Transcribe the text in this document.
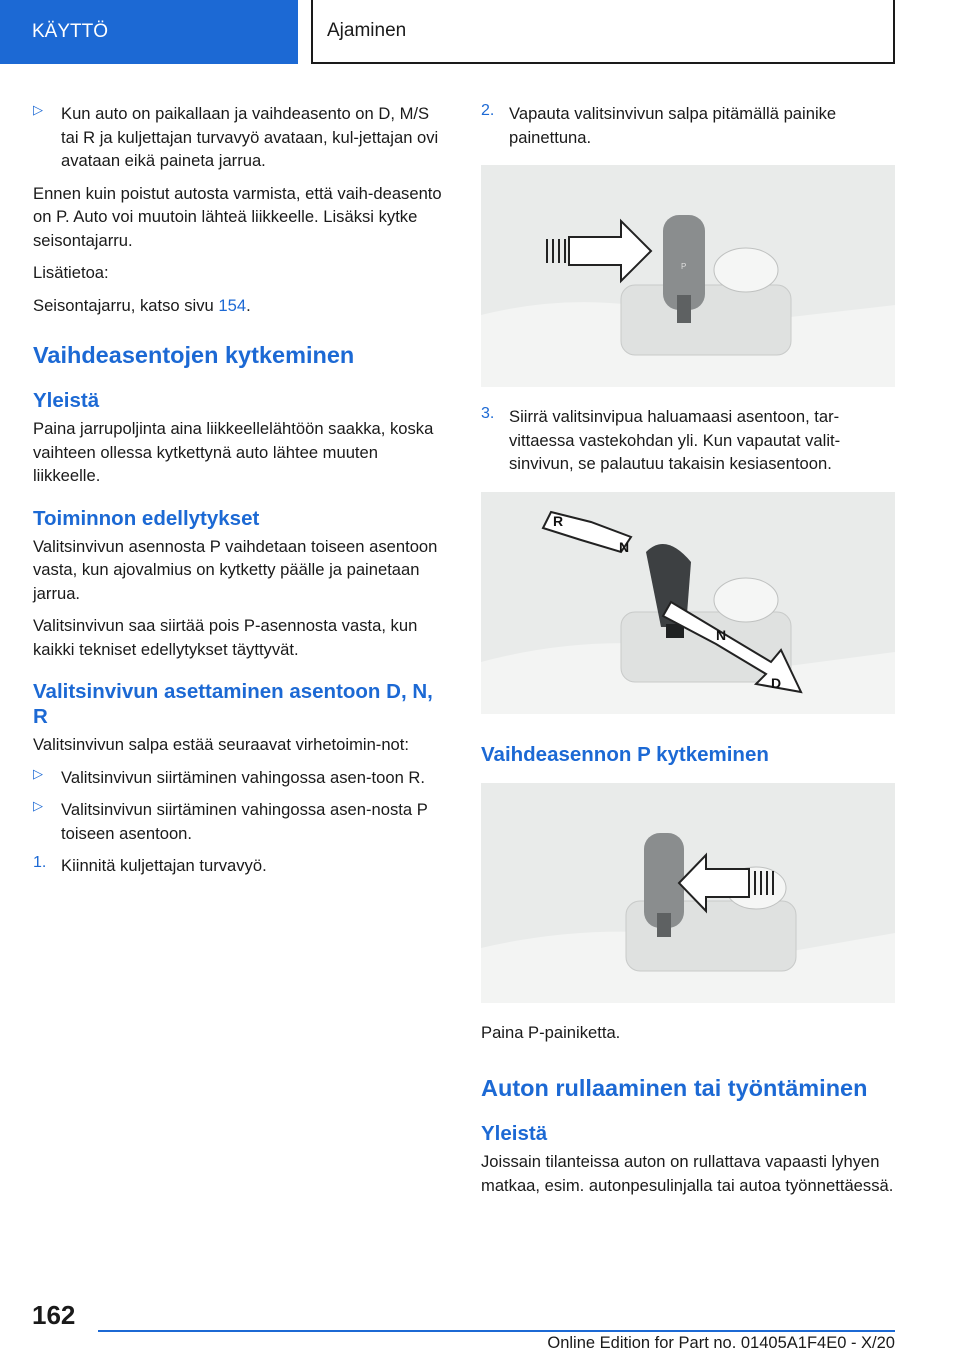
KÄYTTÖ	Ajaminen
▷ Kun auto on paikallaan ja vaihdeasento on D, M/S tai R ja kuljettajan turvavyö avataan, kul‐jettajan ovi avataan eikä paineta jarrua.

Ennen kuin poistut autosta varmista, että vaih‐deasento on P. Auto voi muutoin lähteä liikkeelle. Lisäksi kytke seisontajarru.

Lisätietoa:

Seisontajarru, katso sivu 154.

Vaihdeasentojen kytkeminen
Yleistä

Paina jarrupoljinta aina liikkeellelähtöön saakka, koska vaihteen ollessa kytkettynä auto lähtee muuten liikkeelle.

Toiminnon edellytykset

Valitsinvivun asennosta P vaihdetaan toiseen asentoon vasta, kun ajovalmius on kytketty päälle ja painetaan jarrua.

Valitsinvivun saa siirtää pois P-asennosta vasta, kun kaikki tekniset edellytykset täyttyvät.

Valitsinvivun asettaminen asentoon D, N, R

Valitsinvivun salpa estää seuraavat virhetoimin‐not:

▷ Valitsinvivun siirtäminen vahingossa asen‐toon R.

▷ Valitsinvivun siirtäminen vahingossa asen‐nosta P toiseen asentoon.

1. Kiinnitä kuljettajan turvavyö.

2. Vapauta valitsinvivun salpa pitämällä painike painettuna.

P
3. Siirrä valitsinvipua haluamaasi asentoon, tar‐vittaessa vastekohdan yli. Kun vapautat valit‐sinvivun, se palautuu takaisin kesiasentoon.

R
N
N
D
Vaihdeasennon P kytkeminen

Paina P-painiketta.

Auton rullaaminen tai työntäminen
Yleistä

Joissain tilanteissa auton on rullattava vapaasti lyhyen matkaa, esim. autonpesulinjalla tai autoa työnnettäessä.

162
Online Edition for Part no. 01405A1F4E0 - X/20
